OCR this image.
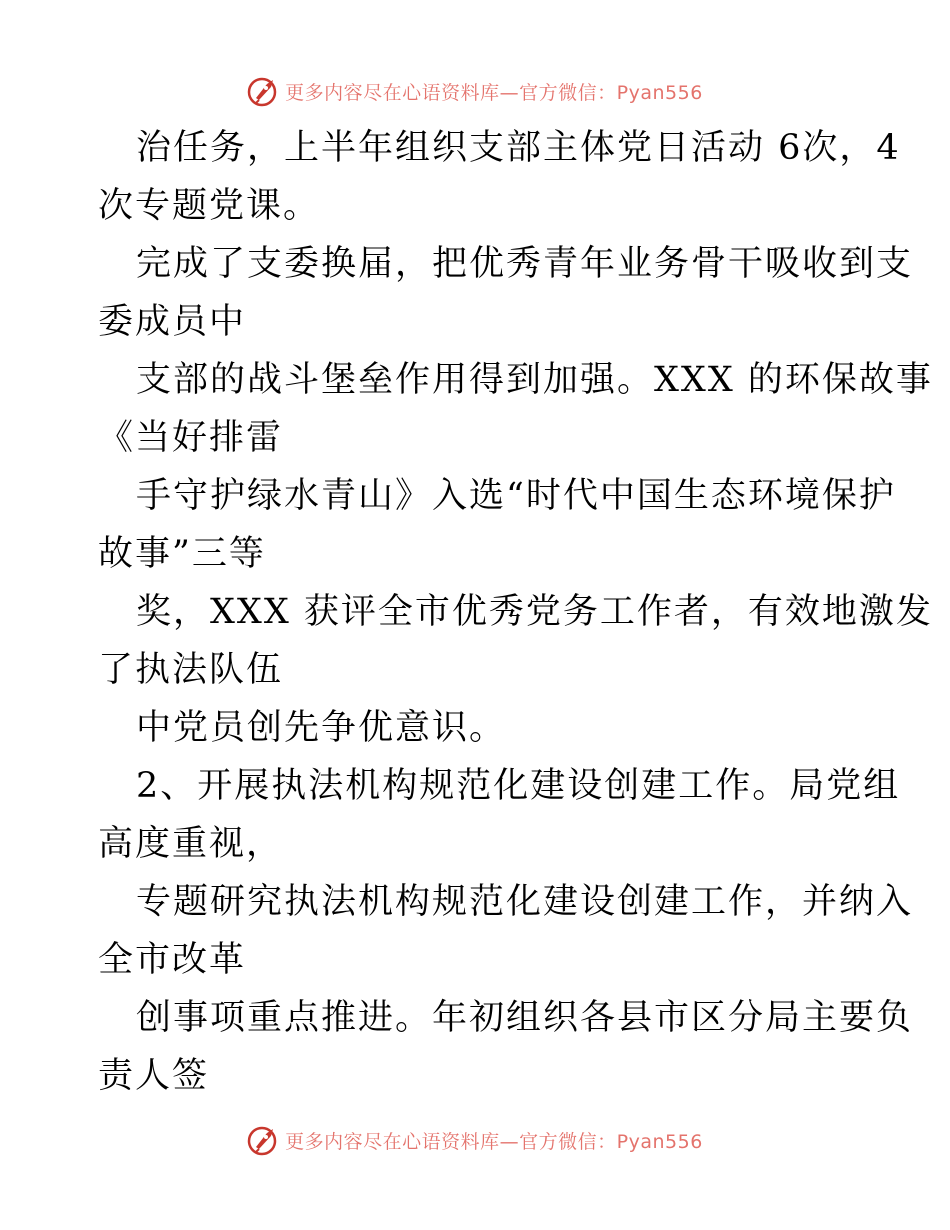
更多内容尽在心语资料库—官方微信：Pyan556
治任务，上半年组织支部主体党日活动 6次，4
次专题党课。
完成了支委换届，把优秀青年业务骨干吸收到支
委成员中
支部的战斗堡垒作用得到加强。XXX 的环保故事
《当好排雷
手守护绿水青山》入选“时代中国生态环境保护
故事”三等
奖，XXX 获评全市优秀党务工作者，有效地激发
了执法队伍
中党员创先争优意识。
2、开展执法机构规范化建设创建工作。局党组
高度重视，
专题研究执法机构规范化建设创建工作，并纳入
全市改革
创事项重点推进。年初组织各县市区分局主要负
责人签
更多内容尽在心语资料库—官方微信：Pyan556
